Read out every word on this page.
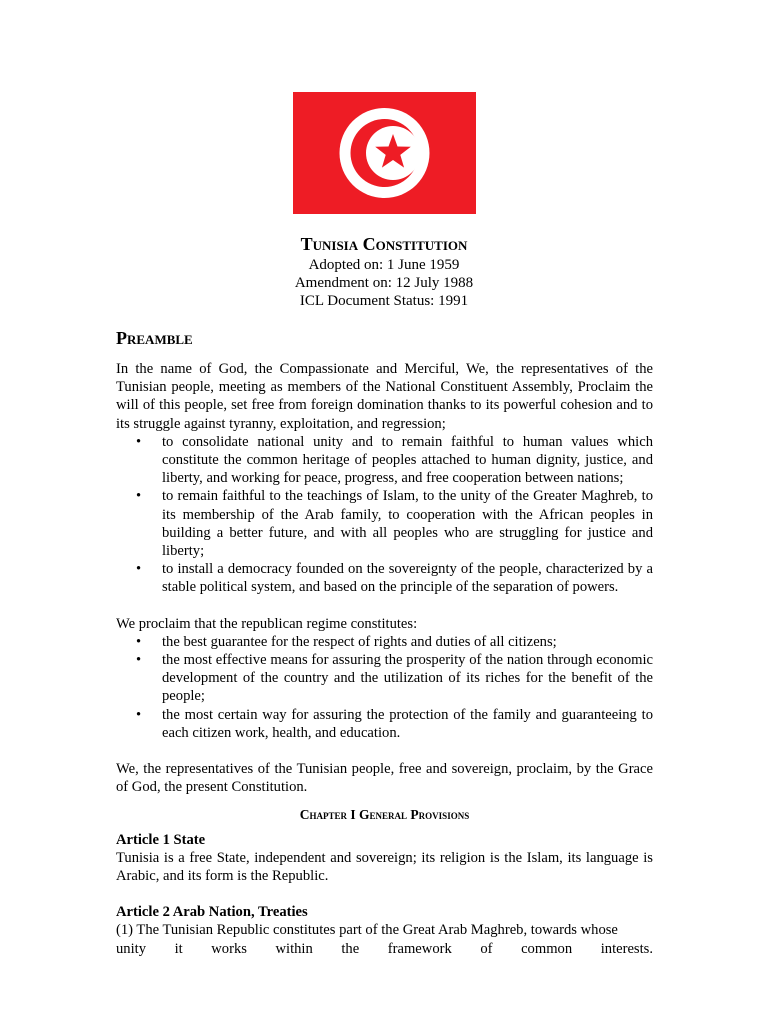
Tunisia Constitution
Adopted on: 1 June 1959
Amendment on: 12 July 1988
ICL Document Status: 1991
Preamble

In the name of God, the Compassionate and Merciful, We, the representatives of the Tunisian people, meeting as members of the National Constituent Assembly, Proclaim the will of this people, set free from foreign domination thanks to its powerful cohesion and to its struggle against tyranny, exploitation, and regression;

• to consolidate national unity and to remain faithful to human values which constitute the common heritage of peoples attached to human dignity, justice, and liberty, and working for peace, progress, and free cooperation between nations;
• to remain faithful to the teachings of Islam, to the unity of the Greater Maghreb, to its membership of the Arab family, to cooperation with the African peoples in building a better future, and with all peoples who are struggling for justice and liberty;
• to install a democracy founded on the sovereignty of the people, characterized by a stable political system, and based on the principle of the separation of powers.

We proclaim that the republican regime constitutes:

• the best guarantee for the respect of rights and duties of all citizens;
• the most effective means for assuring the prosperity of the nation through economic development of the country and the utilization of its riches for the benefit of the people;
• the most certain way for assuring the protection of the family and guaranteeing to each citizen work, health, and education.

We, the representatives of the Tunisian people, free and sovereign, proclaim, by the Grace of God, the present Constitution.

Chapter I General Provisions
Article 1 State

Tunisia is a free State, independent and sovereign; its religion is the Islam, its language is Arabic, and its form is the Republic.

Article 2 Arab Nation, Treaties

(1) The Tunisian Republic constitutes part of the Great Arab Maghreb, towards whose

unity it works within the framework of common interests.
